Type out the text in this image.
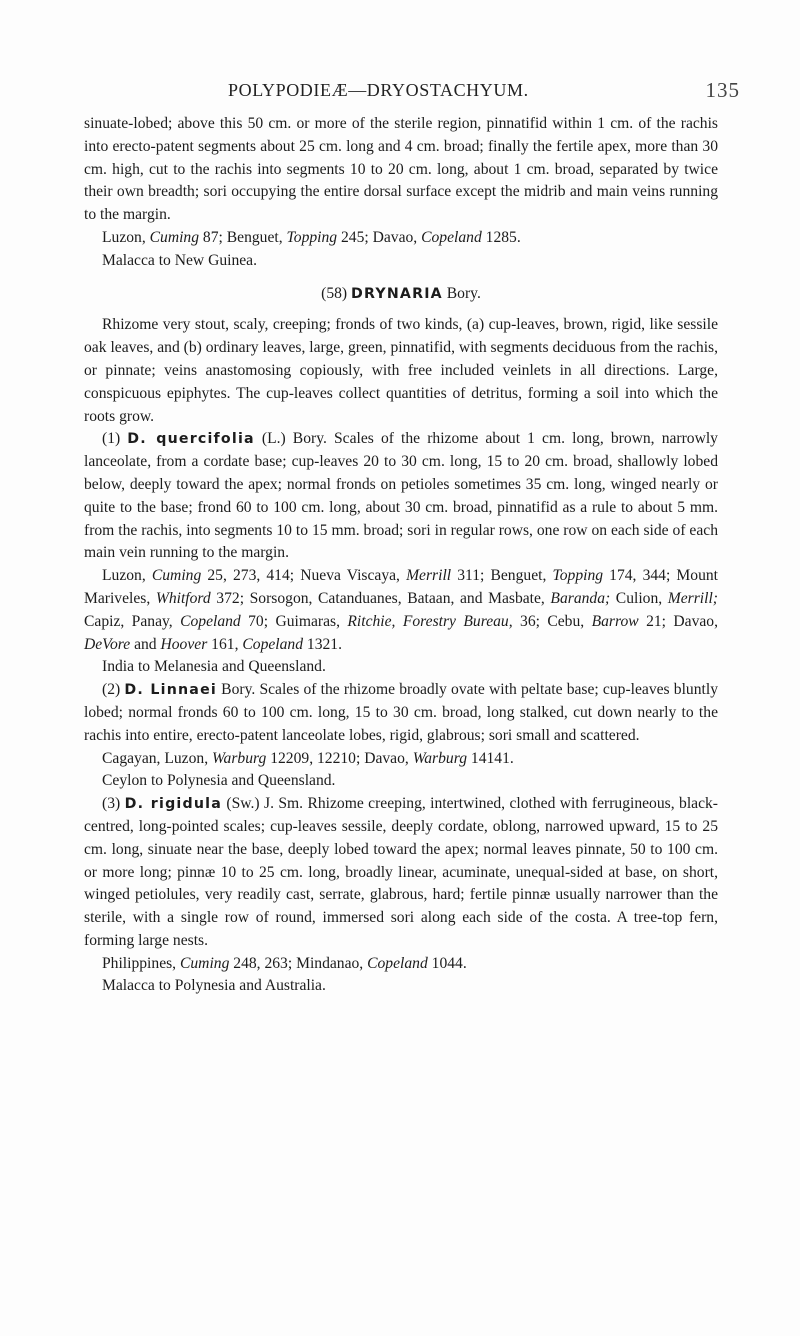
POLYPODIEÆ—DRYOSTACHYUM.	135

sinuate-lobed; above this 50 cm. or more of the sterile region, pinnatifid within 1 cm. of the rachis into erecto-patent segments about 25 cm. long and 4 cm. broad; finally the fertile apex, more than 30 cm. high, cut to the rachis into segments 10 to 20 cm. long, about 1 cm. broad, separated by twice their own breadth; sori occupying the entire dorsal surface except the midrib and main veins running to the margin.

Luzon, Cuming 87; Benguet, Topping 245; Davao, Copeland 1285.

Malacca to New Guinea.

(58) DRYNARIA Bory.

Rhizome very stout, scaly, creeping; fronds of two kinds, (a) cup-leaves, brown, rigid, like sessile oak leaves, and (b) ordinary leaves, large, green, pinnatifid, with segments deciduous from the rachis, or pinnate; veins anastomosing copiously, with free included veinlets in all directions. Large, conspicuous epiphytes. The cup-leaves collect quantities of detritus, forming a soil into which the roots grow.

(1) D. quercifolia (L.) Bory. Scales of the rhizome about 1 cm. long, brown, narrowly lanceolate, from a cordate base; cup-leaves 20 to 30 cm. long, 15 to 20 cm. broad, shallowly lobed below, deeply toward the apex; normal fronds on petioles sometimes 35 cm. long, winged nearly or quite to the base; frond 60 to 100 cm. long, about 30 cm. broad, pinnatifid as a rule to about 5 mm. from the rachis, into segments 10 to 15 mm. broad; sori in regular rows, one row on each side of each main vein running to the margin.

Luzon, Cuming 25, 273, 414; Nueva Viscaya, Merrill 311; Benguet, Topping 174, 344; Mount Mariveles, Whitford 372; Sorsogon, Catanduanes, Bataan, and Masbate, Baranda; Culion, Merrill; Capiz, Panay, Copeland 70; Guimaras, Ritchie, Forestry Bureau, 36; Cebu, Barrow 21; Davao, DeVore and Hoover 161, Copeland 1321.

India to Melanesia and Queensland.

(2) D. Linnaei Bory. Scales of the rhizome broadly ovate with peltate base; cup-leaves bluntly lobed; normal fronds 60 to 100 cm. long, 15 to 30 cm. broad, long stalked, cut down nearly to the rachis into entire, erecto-patent lanceolate lobes, rigid, glabrous; sori small and scattered.

Cagayan, Luzon, Warburg 12209, 12210; Davao, Warburg 14141.

Ceylon to Polynesia and Queensland.

(3) D. rigidula (Sw.) J. Sm. Rhizome creeping, intertwined, clothed with ferrugineous, black-centred, long-pointed scales; cup-leaves sessile, deeply cordate, oblong, narrowed upward, 15 to 25 cm. long, sinuate near the base, deeply lobed toward the apex; normal leaves pinnate, 50 to 100 cm. or more long; pinnæ 10 to 25 cm. long, broadly linear, acuminate, unequal-sided at base, on short, winged petiolules, very readily cast, serrate, glabrous, hard; fertile pinnæ usually narrower than the sterile, with a single row of round, immersed sori along each side of the costa. A tree-top fern, forming large nests.

Philippines, Cuming 248, 263; Mindanao, Copeland 1044.

Malacca to Polynesia and Australia.
